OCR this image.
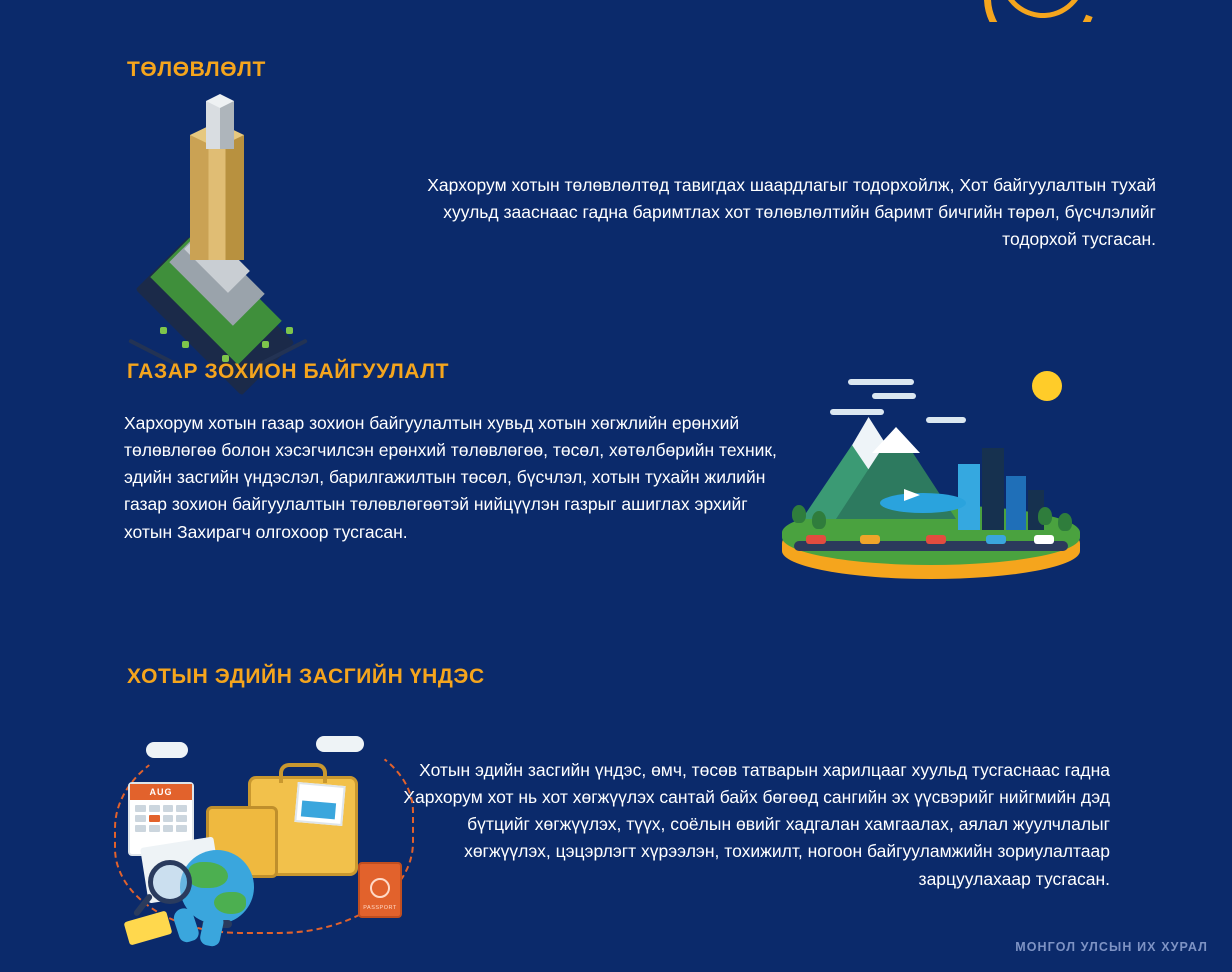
ТӨЛӨВЛӨЛТ
Хархорум хотын төлөвлөлтөд тавигдах шаардлагыг тодорхойлж, Хот байгуулалтын тухай хуульд зааснаас гадна баримтлах хот төлөвлөлтийн баримт бичгийн төрөл, бүсчлэлийг тодорхой тусгасан.
ГАЗАР ЗОХИОН БАЙГУУЛАЛТ
Хархорум хотын газар зохион байгуулалтын хувьд хотын хөгжлийн ерөнхий төлөвлөгөө болон хэсэгчилсэн ерөнхий төлөвлөгөө, төсөл, хөтөлбөрийн техник, эдийн засгийн үндэслэл, барилгажилтын төсөл, бүсчлэл, хотын тухайн жилийн газар зохион байгуулалтын төлөвлөгөөтэй нийцүүлэн газрыг ашиглах эрхийг хотын Захирагч олгохоор тусгасан.
ХОТЫН ЭДИЙН ЗАСГИЙН ҮНДЭС
Хотын эдийн засгийн үндэс, өмч, төсөв татварын харилцааг хуульд тусгаснаас гадна Хархорум хот нь хот хөгжүүлэх сантай байх бөгөөд сангийн эх үүсвэрийг нийгмийн дэд бүтцийг хөгжүүлэх, түүх, соёлын өвийг хадгалан хамгаалах, аялал жуулчлалыг хөгжүүлэх, цэцэрлэгт хүрээлэн, тохижилт, ногоон байгууламжийн зориулалтаар зарцуулахаар тусгасан.
AUG
PASSPORT
МОНГОЛ УЛСЫН ИХ ХУРАЛ
